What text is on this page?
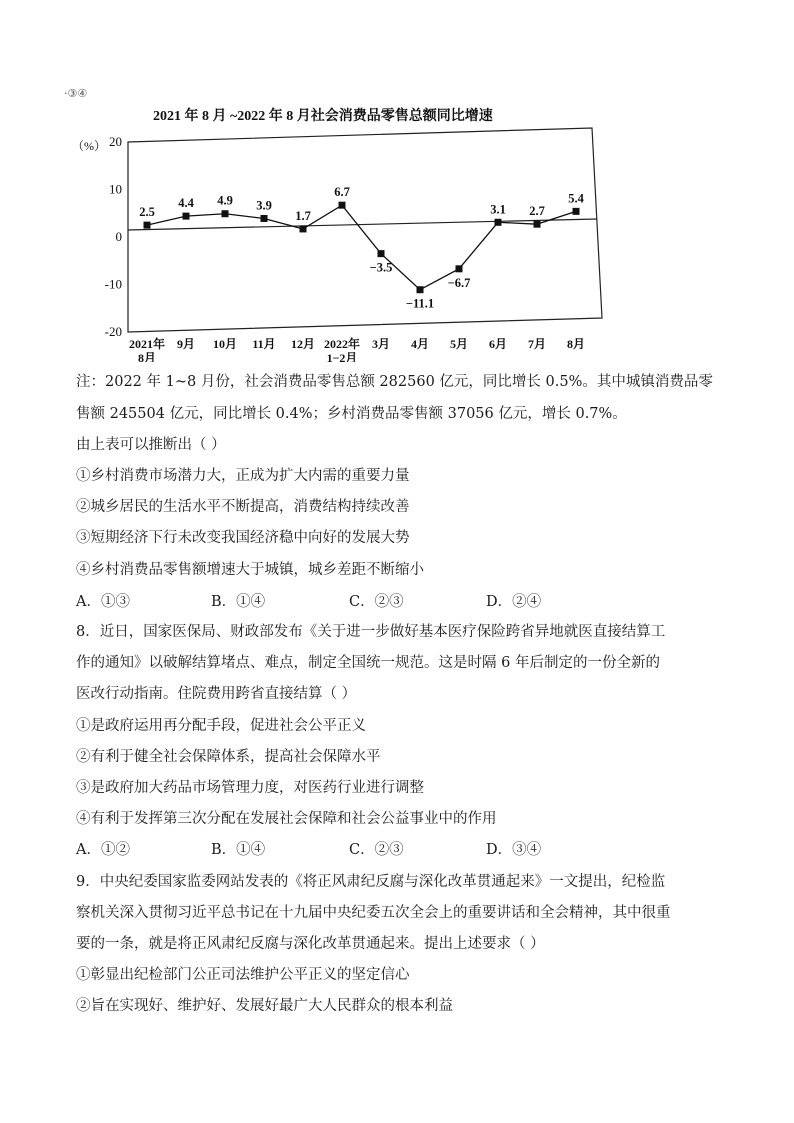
·③④
2021 年 8 月 ~2022 年 8 月社会消费品零售总额同比增速
（%） 20
10
0
-10
-20
2.5
4.4 4.9 3.9
1.7
6.7
−3.5
−11.1
−6.7
3.1 2.7
5.4
2021年 8月
9月 10月 11月 12月 2022年 1−2月
3月 4月 5月 6月 7月 8月
注：2022 年 1~8 月份，社会消费品零售总额 282560 亿元，同比增长 0.5%。其中城镇消费品零
售额 245504 亿元，同比增长 0.4%；乡村消费品零售额 37056 亿元，增长 0.7%。
由上表可以推断出（ ）
①乡村消费市场潜力大，正成为扩大内需的重要力量
②城乡居民的生活水平不断提高，消费结构持续改善
③短期经济下行未改变我国经济稳中向好的发展大势
④乡村消费品零售额增速大于城镇，城乡差距不断缩小
A．①③	B．①④	C．②③	D．②④
8．近日，国家医保局、财政部发布《关于进一步做好基本医疗保险跨省异地就医直接结算工
作的通知》以破解结算堵点、难点，制定全国统一规范。这是时隔 6 年后制定的一份全新的
医改行动指南。住院费用跨省直接结算（ ）
①是政府运用再分配手段，促进社会公平正义
②有利于健全社会保障体系，提高社会保障水平
③是政府加大药品市场管理力度，对医药行业进行调整
④有利于发挥第三次分配在发展社会保障和社会公益事业中的作用
A．①②	B．①④	C．②③	D．③④
9．中央纪委国家监委网站发表的《将正风肃纪反腐与深化改革贯通起来》一文提出，纪检监
察机关深入贯彻习近平总书记在十九届中央纪委五次全会上的重要讲话和全会精神，其中很重
要的一条，就是将正风肃纪反腐与深化改革贯通起来。提出上述要求（ ）
①彰显出纪检部门公正司法维护公平正义的坚定信心
②旨在实现好、维护好、发展好最广大人民群众的根本利益
